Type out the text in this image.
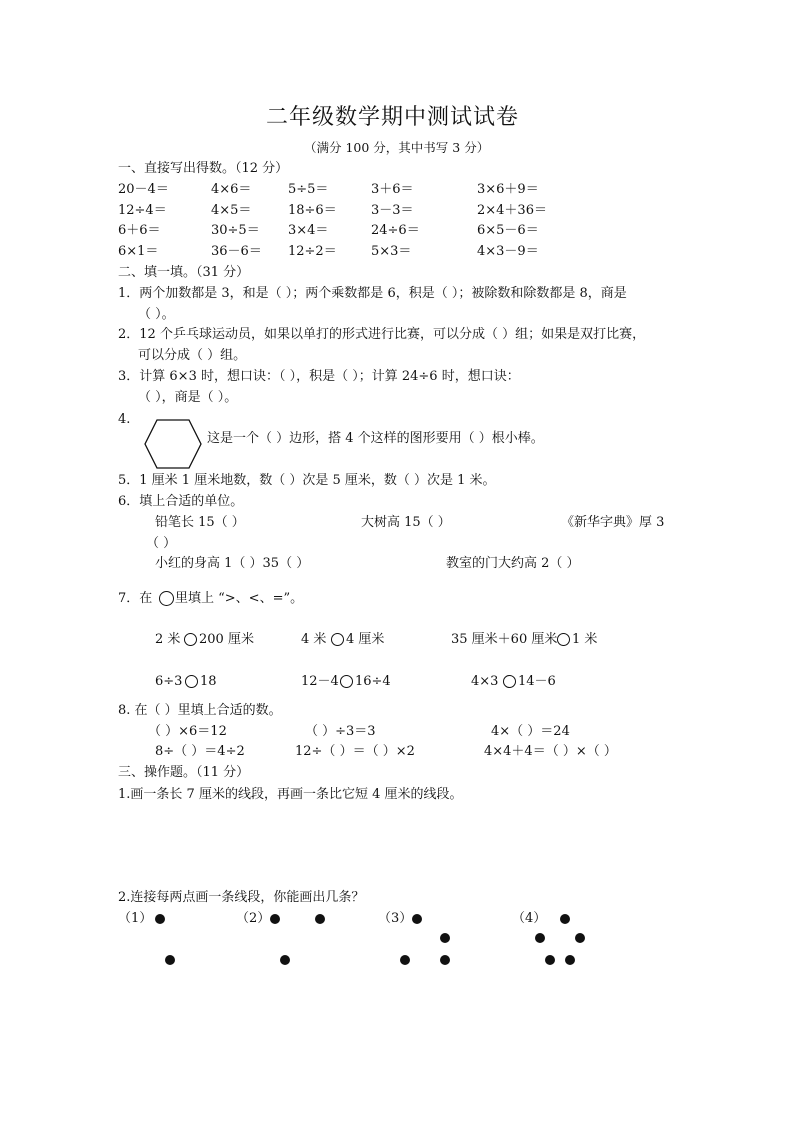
二年级数学期中测试试卷
（满分 100 分，其中书写 3 分）
一、直接写出得数。（12 分）
20－4＝	4×6＝	5÷5＝	3＋6＝	3×6＋9＝
12÷4＝	4×5＝	18÷6＝	3－3＝	2×4＋36＝
6＋6＝	30÷5＝ 3×4＝	24÷6＝	6×5－6＝
6×1＝	36－6＝ 12÷2＝	5×3＝	4×3－9＝
二、填一填。（31 分）
1．两个加数都是 3，和是（ ）；两个乘数都是 6，积是（ ）；被除数和除数都是 8，商是
（ ）。
2．12 个乒乓球运动员，如果以单打的形式进行比赛，可以分成（ ）组；如果是双打比赛，
可以分成（ ）组。
3．计算 6×3 时，想口诀：（ ），积是（ ）；计算 24÷6 时，想口诀：
（ ），商是（ ）。
4.
这是一个（ ）边形，搭 4 个这样的图形要用（ ）根小棒。
5．1 厘米 1 厘米地数，数（ ）次是 5 厘米，数（ ）次是 1 米。
6．填上合适的单位。
铅笔长 15（ ）	大树高 15（ ）	《新华字典》厚 3
（ ）
小红的身高 1（ ）35（ ）	教室的门大约高 2（ ）
7．在 里填上 “>、<、=”。
2 米 200 厘米	4 米 4 厘米	35 厘米＋60 厘米 1 米
6÷3 18	12－4 16÷4	4×3 14－6
8. 在（ ）里填上合适的数。
（ ）×6＝12	（ ）÷3＝3	4×（ ）＝24
8÷（ ）＝4÷2	12÷（ ）＝（ ）×2	4×4＋4＝（ ）×（ ）
三、操作题。（11 分）
1.画一条长 7 厘米的线段，再画一条比它短 4 厘米的线段。
2.连接每两点画一条线段，你能画出几条？
（1）	（2）	（3）	（4）
